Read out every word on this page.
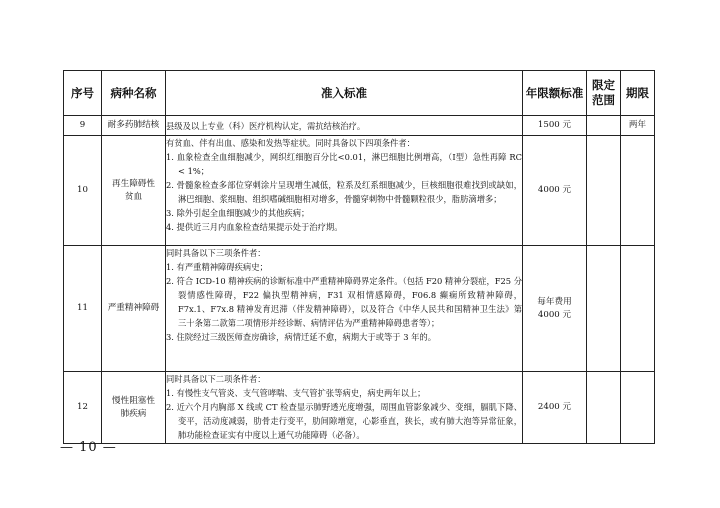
序号	病种名称	准入标准	年限额标准	限定范围	期限
9	耐多药肺结核	县级及以上专业（科）医疗机构认定，需抗结核治疗。	1500 元		两年
10	再生障碍性贫血	有贫血、伴有出血、感染和发热等症状。同时具备以下四项条件者：
1. 血象检查全血细胞减少，网织红细胞百分比<0.01，淋巴细胞比例增高，（Ⅰ型）急性再障 RC < 1%；
2. 骨髓象检查多部位穿刺涂片呈现增生减低，粒系及红系细胞减少，巨核细胞很难找到或缺如，淋巴细胞、浆细胞、组织嗜碱细胞相对增多，骨髓穿刺物中骨髓颗粒很少，脂肪滴增多；
3. 除外引起全血细胞减少的其他疾病；
4. 提供近三月内血象检查结果提示处于治疗期。	4000 元		
11	严重精神障碍	同时具备以下三项条件者：
1. 有严重精神障碍疾病史；
2. 符合 ICD-10 精神疾病的诊断标准中严重精神障碍界定条件。（包括 F20 精神分裂症，F25 分裂情感性障碍，F22 偏执型精神病，F31 双相情感障碍，F06.8 癫痫所致精神障碍，F7x.1、F7x.8 精神发育迟滞（伴发精神障碍），以及符合《中华人民共和国精神卫生法》第三十条第二款第二项情形并经诊断、病情评估为严重精神障碍患者等）；
3. 住院经过三级医师查房确诊，病情迁延不愈，病期大于或等于 3 年的。	每年费用
4000 元		

12	慢性阻塞性肺疾病	同时具备以下二项条件者：
1. 有慢性支气管炎、支气管哮喘、支气管扩张等病史，病史两年以上；
2. 近六个月内胸部 X 线或 CT 检查显示肺野透光度增强，周围血管影象减少、变细，膈肌下降、变平，活动度减弱，肋骨走行变平，肋间隙增宽，心影垂直，狭长，或有肺大泡等异常征象，肺功能检查证实有中度以上通气功能障碍（必备）。	2400 元		
— 10 —
